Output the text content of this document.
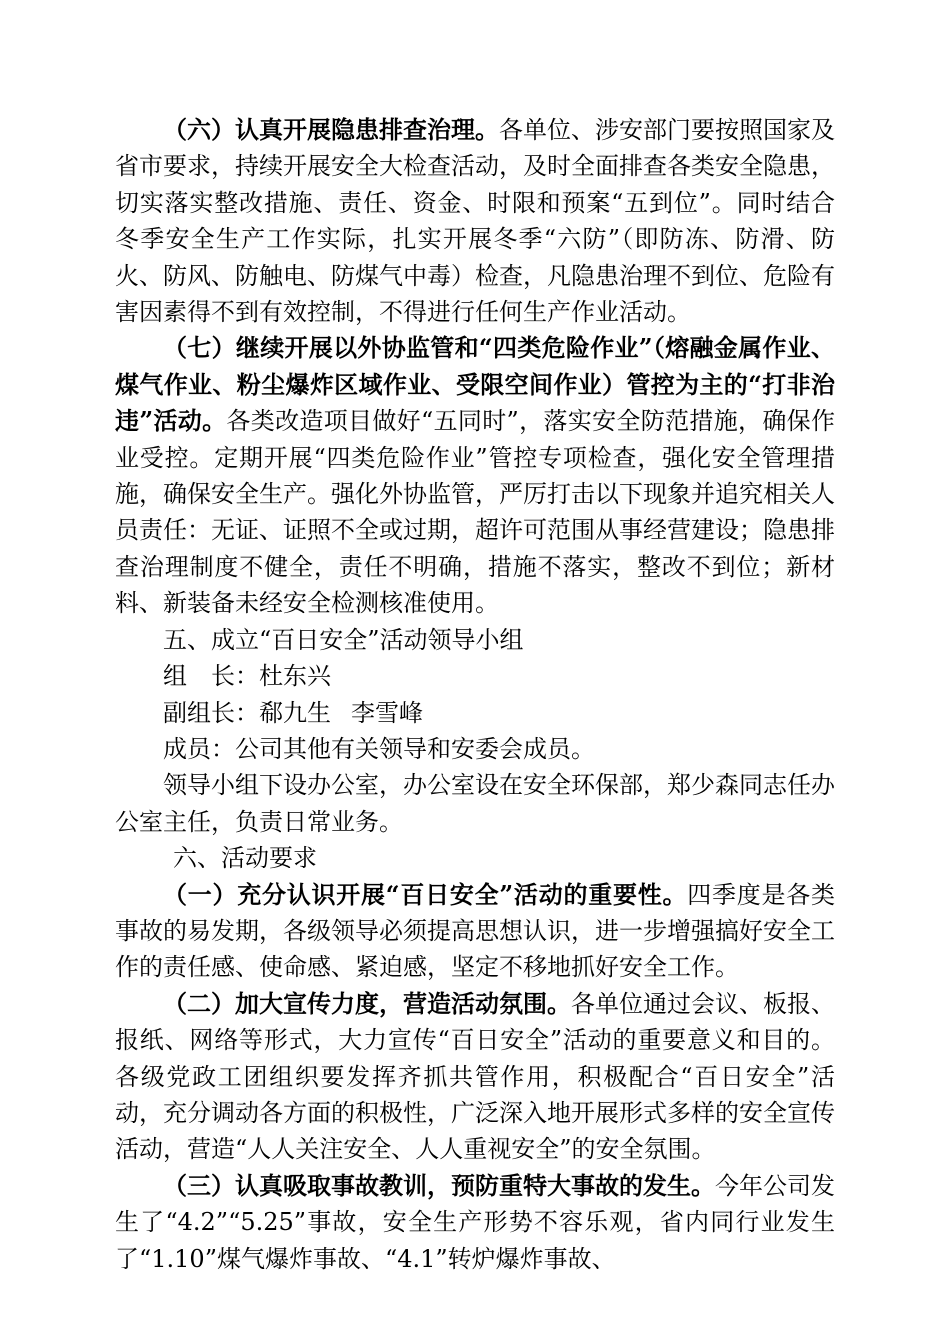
（六）认真开展隐患排查治理。各单位、涉安部门要按照国家及省市要求，持续开展安全大检查活动，及时全面排查各类安全隐患，切实落实整改措施、责任、资金、时限和预案“五到位”。同时结合冬季安全生产工作实际，扎实开展冬季“六防”（即防冻、防滑、防火、防风、防触电、防煤气中毒）检查，凡隐患治理不到位、危险有害因素得不到有效控制，不得进行任何生产作业活动。

（七）继续开展以外协监管和“四类危险作业”（熔融金属作业、煤气作业、粉尘爆炸区域作业、受限空间作业）管控为主的“打非治违”活动。各类改造项目做好“五同时”，落实安全防范措施，确保作业受控。定期开展“四类危险作业”管控专项检查，强化安全管理措施，确保安全生产。强化外协监管，严厉打击以下现象并追究相关人员责任：无证、证照不全或过期，超许可范围从事经营建设；隐患排查治理制度不健全，责任不明确，措施不落实，整改不到位；新材料、新装备未经安全检测核准使用。

五、成立“百日安全”活动领导小组

组　长：杜东兴

副组长：郗九生 李雪峰

成员：公司其他有关领导和安委会成员。

领导小组下设办公室，办公室设在安全环保部，郑少森同志任办公室主任，负责日常业务。

六、活动要求

（一）充分认识开展“百日安全”活动的重要性。四季度是各类事故的易发期，各级领导必须提高思想认识，进一步增强搞好安全工作的责任感、使命感、紧迫感，坚定不移地抓好安全工作。

（二）加大宣传力度，营造活动氛围。各单位通过会议、板报、报纸、网络等形式，大力宣传“百日安全”活动的重要意义和目的。各级党政工团组织要发挥齐抓共管作用，积极配合“百日安全”活动，充分调动各方面的积极性，广泛深入地开展形式多样的安全宣传活动，营造“人人关注安全、人人重视安全”的安全氛围。

（三）认真吸取事故教训，预防重特大事故的发生。今年公司发生了“4.2”“5.25”事故，安全生产形势不容乐观，省内同行业发生了“1.10”煤气爆炸事故、“4.1”转炉爆炸事故、
